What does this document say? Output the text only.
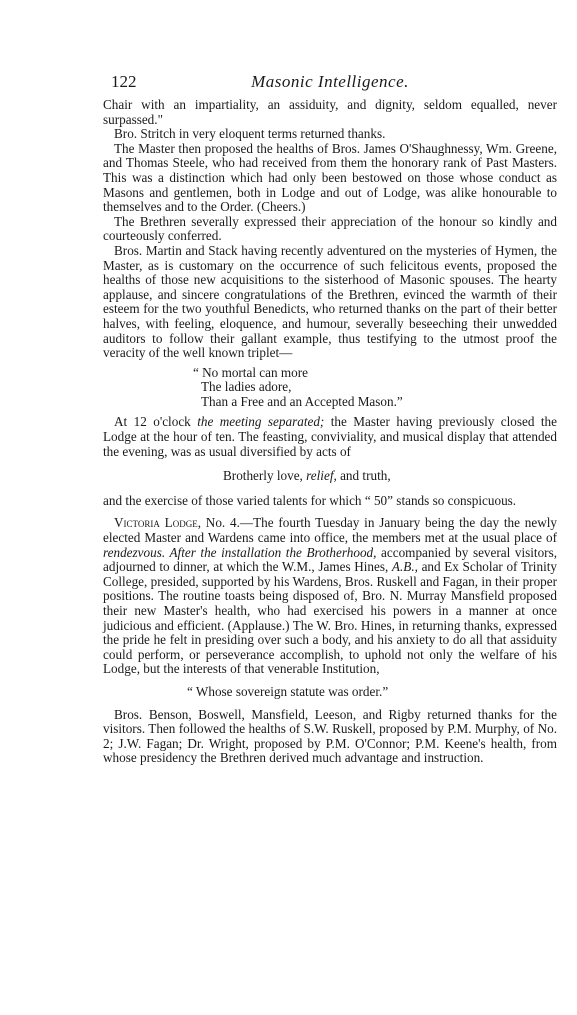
122	Masonic Intelligence.

Chair with an impartiality, an assiduity, and dignity, seldom equalled, never surpassed."

Bro. Stritch in very eloquent terms returned thanks.

The Master then proposed the healths of Bros. James O'Shaughnessy, Wm. Greene, and Thomas Steele, who had received from them the honorary rank of Past Masters. This was a distinction which had only been bestowed on those whose conduct as Masons and gentlemen, both in Lodge and out of Lodge, was alike honourable to themselves and to the Order. (Cheers.)

The Brethren severally expressed their appreciation of the honour so kindly and courteously conferred.

Bros. Martin and Stack having recently adventured on the mysteries of Hymen, the Master, as is customary on the occurrence of such felicitous events, proposed the healths of those new acquisitions to the sisterhood of Masonic spouses. The hearty applause, and sincere congratulations of the Brethren, evinced the warmth of their esteem for the two youthful Benedicts, who returned thanks on the part of their better halves, with feeling, eloquence, and humour, severally beseeching their unwedded auditors to follow their gallant example, thus testifying to the utmost proof the veracity of the well known triplet—

“ No mortal can more
The ladies adore,
Than a Free and an Accepted Mason.”

At 12 o'clock the meeting separated; the Master having previously closed the Lodge at the hour of ten. The feasting, conviviality, and musical display that attended the evening, was as usual diversified by acts of

Brotherly love, relief, and truth,

and the exercise of those varied talents for which “ 50” stands so conspicuous.

Victoria Lodge, No. 4.—The fourth Tuesday in January being the day the newly elected Master and Wardens came into office, the members met at the usual place of rendezvous. After the installation the Brotherhood, accompanied by several visitors, adjourned to dinner, at which the W.M., James Hines, A.B., and Ex Scholar of Trinity College, presided, supported by his Wardens, Bros. Ruskell and Fagan, in their proper positions. The routine toasts being disposed of, Bro. N. Murray Mansfield proposed their new Master's health, who had exercised his powers in a manner at once judicious and efficient. (Applause.) The W. Bro. Hines, in returning thanks, expressed the pride he felt in presiding over such a body, and his anxiety to do all that assiduity could perform, or perseverance accomplish, to uphold not only the welfare of his Lodge, but the interests of that venerable Institution,

“ Whose sovereign statute was order.”

Bros. Benson, Boswell, Mansfield, Leeson, and Rigby returned thanks for the visitors. Then followed the healths of S.W. Ruskell, proposed by P.M. Murphy, of No. 2; J.W. Fagan; Dr. Wright, proposed by P.M. O'Connor; P.M. Keene's health, from whose presidency the Brethren derived much advantage and instruction.
